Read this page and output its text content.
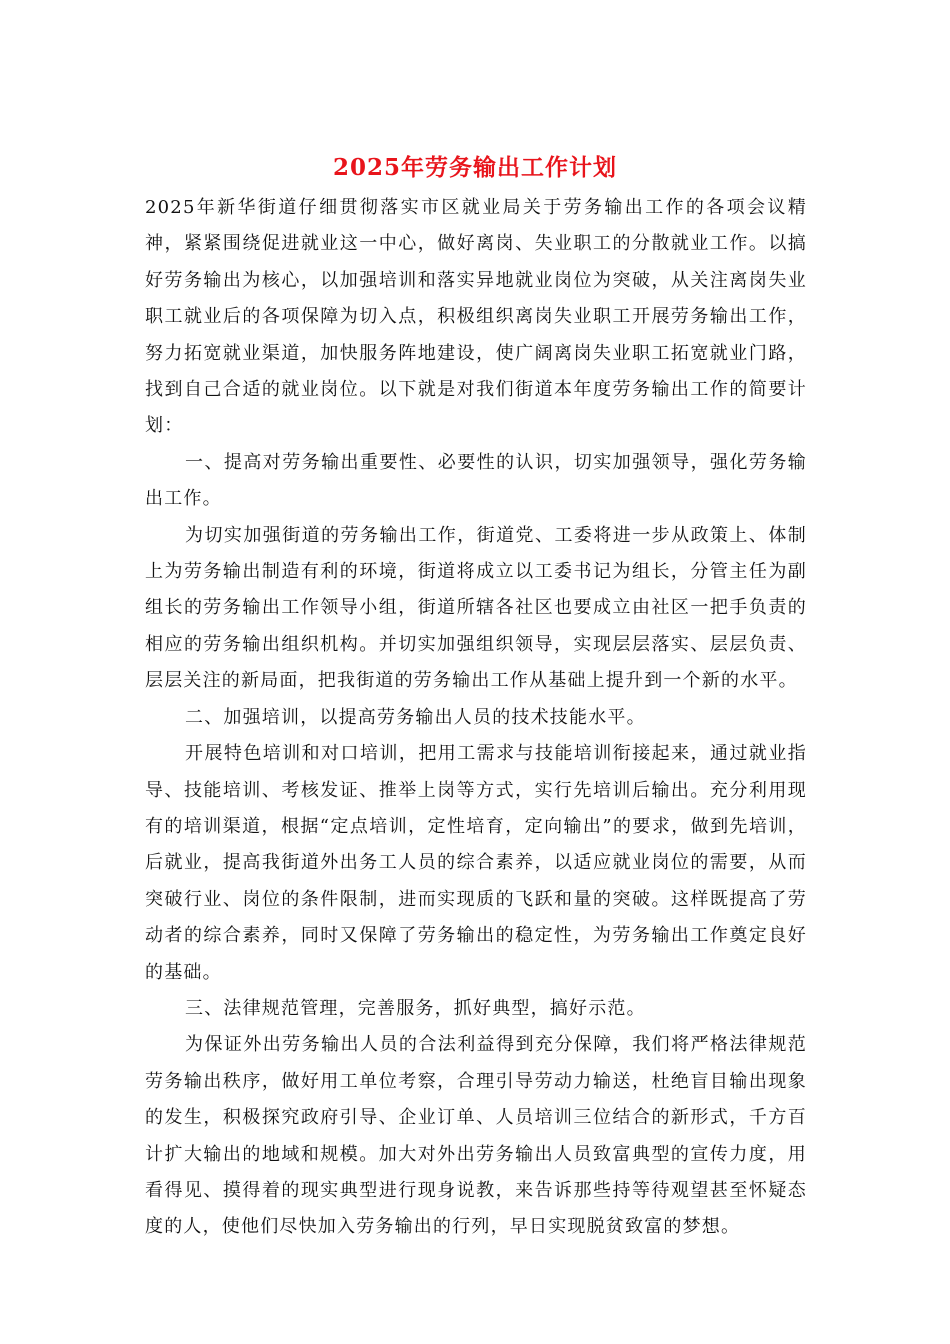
2025年劳务输出工作计划

2025年新华街道仔细贯彻落实市区就业局关于劳务输出工作的各项会议精神，紧紧围绕促进就业这一中心，做好离岗、失业职工的分散就业工作。以搞好劳务输出为核心，以加强培训和落实异地就业岗位为突破，从关注离岗失业职工就业后的各项保障为切入点，积极组织离岗失业职工开展劳务输出工作，努力拓宽就业渠道，加快服务阵地建设，使广阔离岗失业职工拓宽就业门路，找到自己合适的就业岗位。以下就是对我们街道本年度劳务输出工作的简要计划：

一、提高对劳务输出重要性、必要性的认识，切实加强领导，强化劳务输出工作。

为切实加强街道的劳务输出工作，街道党、工委将进一步从政策上、体制上为劳务输出制造有利的环境，街道将成立以工委书记为组长，分管主任为副组长的劳务输出工作领导小组，街道所辖各社区也要成立由社区一把手负责的相应的劳务输出组织机构。并切实加强组织领导，实现层层落实、层层负责、层层关注的新局面，把我街道的劳务输出工作从基础上提升到一个新的水平。

二、加强培训，以提高劳务输出人员的技术技能水平。

开展特色培训和对口培训，把用工需求与技能培训衔接起来，通过就业指导、技能培训、考核发证、推举上岗等方式，实行先培训后输出。充分利用现有的培训渠道，根据“定点培训，定性培育，定向输出”的要求，做到先培训，后就业，提高我街道外出务工人员的综合素养，以适应就业岗位的需要，从而突破行业、岗位的条件限制，进而实现质的飞跃和量的突破。这样既提高了劳动者的综合素养，同时又保障了劳务输出的稳定性，为劳务输出工作奠定良好的基础。

三、法律规范管理，完善服务，抓好典型，搞好示范。

为保证外出劳务输出人员的合法利益得到充分保障，我们将严格法律规范劳务输出秩序，做好用工单位考察，合理引导劳动力输送，杜绝盲目输出现象的发生，积极探究政府引导、企业订单、人员培训三位结合的新形式，千方百计扩大输出的地域和规模。加大对外出劳务输出人员致富典型的宣传力度，用看得见、摸得着的现实典型进行现身说教，来告诉那些持等待观望甚至怀疑态度的人，使他们尽快加入劳务输出的行列，早日实现脱贫致富的梦想。
